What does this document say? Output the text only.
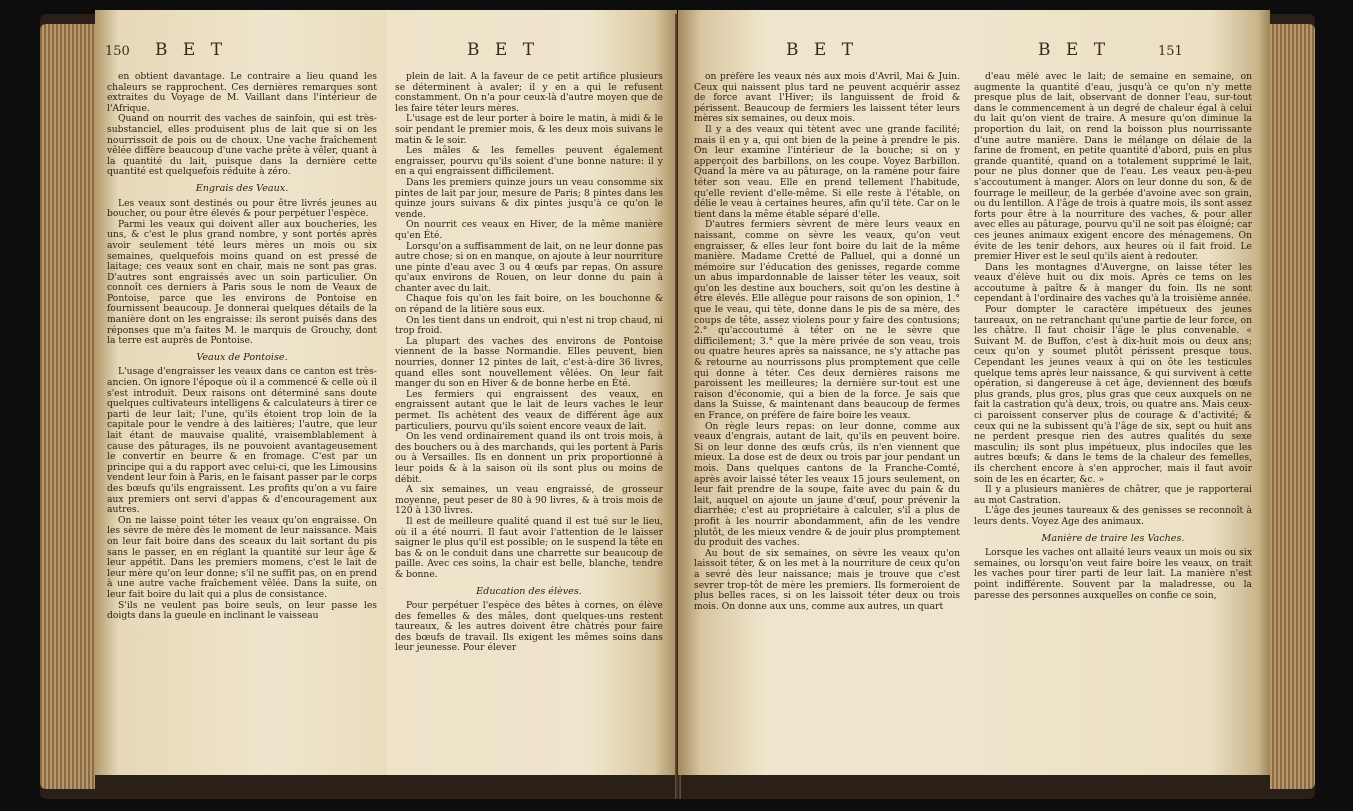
150 B E T

en obtient davantage. Le contraire a lieu quand les chaleurs se rapprochent. Ces dernières remarques sont extraites du Voyage de M. Vaillant dans l'intérieur de l'Afrique.

Quand on nourrit des vaches de sainfoin, qui est très-substanciel, elles produisent plus de lait que si on les nourrissoit de pois ou de choux. Une vache fraîchement vêlée diffère beaucoup d'une vache prête à vêler, quant à la quantité du lait, puisque dans la dernière cette quantité est quelquefois réduite à zéro.

Engrais des Veaux.

Les veaux sont destinés ou pour être livrés jeunes au boucher, ou pour être élevés & pour perpétuer l'espèce.

Parmi les veaux qui doivent aller aux boucheries, les uns, & c'est le plus grand nombre, y sont portés après avoir seulement tété leurs mères un mois ou six semaines, quelquefois moins quand on est pressé de laitage; ces veaux sont en chair, mais ne sont pas gras. D'autres sont engraissés avec un soin particulier. On connoît ces derniers à Paris sous le nom de Veaux de Pontoise, parce que les environs de Pontoise en fournissent beaucoup. Je donnerai quelques détails de la manière dont on les engraisse: ils seront puisés dans des réponses que m'a faites M. le marquis de Grouchy, dont la terre est auprès de Pontoise.

Veaux de Pontoise.

L'usage d'engraisser les veaux dans ce canton est très-ancien. On ignore l'époque où il a commencé & celle où il s'est introduit. Deux raisons ont déterminé sans doute quelques cultivateurs intelligens & calculateurs à tirer ce parti de leur lait; l'une, qu'ils étoient trop loin de la capitale pour le vendre à des laitières; l'autre, que leur lait étant de mauvaise qualité, vraisemblablement à cause des pâturages, ils ne pouvoient avantageusement le convertir en beurre & en fromage. C'est par un principe qui a du rapport avec celui-ci, que les Limousins vendent leur foin à Paris, en le faisant passer par le corps des bœufs qu'ils engraissent. Les profits qu'on a vu faire aux premiers ont servi d'appas & d'encouragement aux autres.

On ne laisse point téter les veaux qu'on engraisse. On les sèvre de mère dès le moment de leur naissance. Mais on leur fait boire dans des sceaux du lait sortant du pis sans le passer, en en réglant la quantité sur leur âge & leur appétit. Dans les premiers momens, c'est le lait de leur mère qu'on leur donne; s'il ne suffit pas, on en prend à une autre vache fraîchement vêlée. Dans la suite, on leur fait boire du lait qui a plus de consistance.

S'ils ne veulent pas boire seuls, on leur passe les doigts dans la gueule en inclinant le vaisseau

B E T

plein de lait. A la faveur de ce petit artifice plusieurs se déterminent à avaler; il y en a qui le refusent constamment. On n'a pour ceux-là d'autre moyen que de les faire téter leurs mères.

L'usage est de leur porter à boire le matin, à midi & le soir pendant le premier mois, & les deux mois suivans le matin & le soir.

Les mâles & les femelles peuvent également engraisser, pourvu qu'ils soient d'une bonne nature: il y en a qui engraissent difficilement.

Dans les premiers quinze jours un veau consomme six pintes de lait par jour, mesure de Paris; 8 pintes dans les quinze jours suivans & dix pintes jusqu'à ce qu'on le vende.

On nourrit ces veaux en Hiver, de la même manière qu'en Été.

Lorsqu'on a suffisamment de lait, on ne leur donne pas autre chose; si on en manque, on ajoute à leur nourriture une pinte d'eau avec 3 ou 4 œufs par repas. On assure qu'aux environs de Rouen, on leur donne du pain à chanter avec du lait.

Chaque fois qu'on les fait boire, on les bouchonne & on répand de la litière sous eux.

On les tient dans un endroit, qui n'est ni trop chaud, ni trop froid.

La plupart des vaches des environs de Pontoise viennent de la basse Normandie. Elles peuvent, bien nourries, donner 12 pintes de lait, c'est-à-dire 36 livres, quand elles sont nouvellement vêlées. On leur fait manger du son en Hiver & de bonne herbe en Été.

Les fermiers qui engraissent des veaux, en engraissent autant que le lait de leurs vaches le leur permet. Ils achètent des veaux de différent âge aux particuliers, pourvu qu'ils soient encore veaux de lait.

On les vend ordinairement quand ils ont trois mois, à des bouchers ou à des marchands, qui les portent à Paris ou à Versailles. Ils en donnent un prix proportionné à leur poids & à la saison où ils sont plus ou moins de débit.

A six semaines, un veau engraissé, de grosseur moyenne, peut peser de 80 à 90 livres, & à trois mois de 120 à 130 livres.

Il est de meilleure qualité quand il est tué sur le lieu, où il a été nourri. Il faut avoir l'attention de le laisser saigner le plus qu'il est possible; on le suspend la tête en bas & on le conduit dans une charrette sur beaucoup de paille. Avec ces soins, la chair est belle, blanche, tendre & bonne.

Education des élèves.

Pour perpétuer l'espèce des bêtes à cornes, on élève des femelles & des mâles, dont quelques-uns restent taureaux, & les autres doivent être châtrés pour faire des bœufs de travail. Ils exigent les mêmes soins dans leur jeunesse. Pour élever

B E T

on préfère les veaux nés aux mois d'Avril, Mai & Juin. Ceux qui naissent plus tard ne peuvent acquérir assez de force avant l'Hiver; ils languissent de froid & périssent. Beaucoup de fermiers les laissent téter leurs mères six semaines, ou deux mois.

Il y a des veaux qui tètent avec une grande facilité; mais il en y a, qui ont bien de la peine à prendre le pis. On leur examine l'intérieur de la bouche; si on y apperçoit des barbillons, on les coupe. Voyez Barbillon. Quand la mère va au pâturage, on la ramène pour faire téter son veau. Elle en prend tellement l'habitude, qu'elle revient d'elle-même. Si elle reste à l'étable, on délie le veau à certaines heures, afin qu'il tète. Car on le tient dans la même étable séparé d'elle.

D'autres fermiers sèvrent de mère leurs veaux en naissant, comme on sèvre les veaux, qu'on veut engraisser, & elles leur font boire du lait de la même manière. Madame Cretté de Palluel, qui a donné un mémoire sur l'éducation des genisses, regarde comme un abus impardonnable de laisser téter les veaux, soit qu'on les destine aux bouchers, soit qu'on les destine à être élevés. Elle allègue pour raisons de son opinion, 1.° que le veau, qui tète, donne dans le pis de sa mère, des coups de tête, assez violens pour y faire des contusions; 2.° qu'accoutumé à téter on ne le sèvre que difficilement; 3.° que la mère privée de son veau, trois ou quatre heures après sa naissance, ne s'y attache pas & retourne au nourrissons plus promptement que celle qui donne à téter. Ces deux dernières raisons me paroissent les meilleures; la dernière sur-tout est une raison d'économie, qui a bien de la force. Je sais que dans la Suisse, & maintenant dans beaucoup de fermes en France, on préfère de faire boire les veaux.

On règle leurs repas: on leur donne, comme aux veaux d'engrais, autant de lait, qu'ils en peuvent boire. Si on leur donne des œufs crûs, ils n'en viennent que mieux. La dose est de deux ou trois par jour pendant un mois. Dans quelques cantons de la Franche-Comté, après avoir laissé téter les veaux 15 jours seulement, on leur fait prendre de la soupe, faite avec du pain & du lait, auquel on ajoute un jaune d'œuf, pour prévenir la diarrhée; c'est au propriétaire à calculer, s'il a plus de profit à les nourrir abondamment, afin de les vendre plutôt, de les mieux vendre & de jouir plus promptement du produit des vaches.

Au bout de six semaines, on sèvre les veaux qu'on laissoit téter, & on les met à la nourriture de ceux qu'on a sevré dès leur naissance; mais je trouve que c'est sevrer trop-tôt de mère les premiers. Ils formeroient de plus belles races, si on les laissoit téter deux ou trois mois. On donne aux uns, comme aux autres, un quart

B E T	151

d'eau mêlé avec le lait; de semaine en semaine, on augmente la quantité d'eau, jusqu'à ce qu'on n'y mette presque plus de lait, observant de donner l'eau, sur-tout dans le commencement à un degré de chaleur égal à celui du lait qu'on vient de traire. A mesure qu'on diminue la proportion du lait, on rend la boisson plus nourrissante d'une autre manière. Dans le mélange on délaie de la farine de froment, en petite quantité d'abord, puis en plus grande quantité, quand on a totalement supprimé le lait, pour ne plus donner que de l'eau. Les veaux peu-à-peu s'accoutument à manger. Alors on leur donne du son, & de fourrage le meilleur, de la gerbée d'avoine avec son grain, ou du lentillon. A l'âge de trois à quatre mois, ils sont assez forts pour être à la nourriture des vaches, & pour aller avec elles au pâturage, pourvu qu'il ne soit pas éloigné; car ces jeunes animaux exigent encore des ménagemens. On évite de les tenir dehors, aux heures où il fait froid. Le premier Hiver est le seul qu'ils aient à redouter.

Dans les montagnes d'Auvergne, on laisse téter les veaux d'élève huit ou dix mois. Après ce tems on les accoutume à paître & à manger du foin. Ils ne sont cependant à l'ordinaire des vaches qu'à la troisième année.

Pour dompter le caractère impétueux des jeunes taureaux, on ne retranchant qu'une partie de leur force, on les châtre. Il faut choisir l'âge le plus convenable. « Suivant M. de Buffon, c'est à dix-huit mois ou deux ans; ceux qu'on y soumet plutôt périssent presque tous. Cependant les jeunes veaux à qui on ôte les testicules quelque tems après leur naissance, & qui survivent à cette opération, si dangereuse à cet âge, deviennent des bœufs plus grands, plus gros, plus gras que ceux auxquels on ne fait la castration qu'à deux, trois, ou quatre ans. Mais ceux-ci paroissent conserver plus de courage & d'activité; & ceux qui ne la subissent qu'à l'âge de six, sept ou huit ans ne perdent presque rien des autres qualités du sexe masculin; ils sont plus impétueux, plus indociles que les autres bœufs; & dans le tems de la chaleur des femelles, ils cherchent encore à s'en approcher, mais il faut avoir soin de les en écarter, &c. »

Il y a plusieurs manières de châtrer, que je rapporterai au mot Castration.

L'âge des jeunes taureaux & des genisses se reconnoît à leurs dents. Voyez Age des animaux.

Manière de traire les Vaches.

Lorsque les vaches ont allaité leurs veaux un mois ou six semaines, ou lorsqu'on veut faire boire les veaux, on trait les vaches pour tirer parti de leur lait. La manière n'est point indifférente. Souvent par la maladresse, ou la paresse des personnes auxquelles on confie ce soin,
